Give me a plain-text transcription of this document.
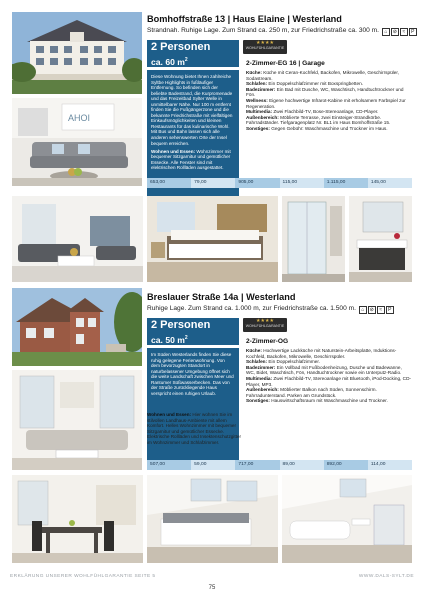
Bomhoffstraße 13 | Haus Elaine | Westerland
Strandnah. Ruhige Lage. Zum Strand ca. 250 m, zur Friedrichstraße ca. 300 m. ⌂ ⊘ ≈ P
2 Personen
ca. 60 $m^2$
★★★★
WOHLFÜHLGARANTIE
2-Zimmer-EG 16 | Garage
AHOI

Diese Wohnung bietet Ihnen zahlreiche Syltbe Highlights in fußläufiger Entfernung. So befinden sich der beliebte Badestrand, die Kurpromenade und das Freizeitbad Sylter Welle in unmittelbarer Nähe. Nur 100 m entfernt finden Sie die Fußgängerzone und die bekannte Friedrichstraße mit vielfältigen Einkaufsmöglichkeiten und kleinen Restaurants für das kulinarische Wohl. Mit Bus und Bahn lassen sich alle anderen sehenswerten Orte der Insel bequem erreichen.

Wohnen und Essen: Wohnzimmer mit bequemer Sitzgarnitur und gemütlicher Essecke. Alle Fenster sind mit elektrischen Rollläden ausgestattet.

Küche: Küche mit Ceran-Kochfeld, Backofen, Mikrowelle, Geschirrspüler, Sodastream.
Schlafen: Ein Doppelschlafzimmer mit Boxspringbetten.
Badezimmer: Ein Bad mit Dusche, WC, Waschtisch, Handtuchtrockner und Fön.
Wellness: Eigene hochwertige Infrarot-Kabine mit erholsamem Farbspiel zur Regeneration.
Multimedia: Zwei Flachbild-TV, Bose-Stereoanlage, CD-Player.
Außenbereich: Möblierte Terrasse, zwei Einsteiger-Strandkörbe. Fahrradständer. Tiefgaragenplatz Nr. BL1 im Haus Bomhoffstraße 15.
Sonstiges: Gegen Gebühr: Waschmaschine und Trockner im Haus.
653,00	79,00	905,00	115,00	1.115,00	145,00
Breslauer Straße 14a | Westerland
Ruhige Lage. Zum Strand ca. 1.000 m, zur Friedrichstraße ca. 1.500 m. ⌂ ⊘ ≈ P
2 Personen
ca. 50 $m^2$
★★★★
WOHLFÜHLGARANTIE
2-Zimmer-OG

Im Süden Westerlands finden Sie diese ruhig gelegene Ferienwohnung. Von dem bevorzugten Standort in naturbelassener Umgebung öffnet sich die weite Landschaft zwischen Meer und Rantumer Süßwasserbecken. Das von der Straße zurückliegende Haus verspricht einen ruhigen Urlaub.

Wohnen und Essen: Hier wohnen Sie im stilvollen Landhaus-Ambiente mit allem Komfort. Helles Wohnzimmer mit bequemer Sitzgarnitur und gemütlicher Essecke. Elektrische Rollläden und Insektenschutzgitter im Wohnzimmer und Schlafzimmer.
Küche: Hochwertige Lackküche mit Naturstein-Arbeitsplatte, Induktions-Kochfeld, Backofen, Mikrowelle, Geschirrspüler.
Schlafen: Ein Doppelschlafzimmer.
Badezimmer: Ein Vollbad mit Fußbodenheizung, Dusche und Badewanne, WC, Bidet, Waschtisch, Fön, Handtuchtrockner sowie ein Unterputz-Radio.
Multimedia: Zwei Flachbild-TV, Stereoanlage mit Bluetooth, iPod-Docking, CD-Player, MP3.
Außenbereich: Möblierter Balkon nach Süden, Sonnenschirm. Fahrradunterstand. Parken am Grundstück.
Sonstiges: Hauswirtschaftsraum mit Waschmaschine und Trockner.
507,00	59,00	717,00	89,00	892,00	114,00
ERKLÄRUNG UNSERER WOHLFÜHLGARANTIE SEITE 5	WWW.DALS-SYLT.DE
75
